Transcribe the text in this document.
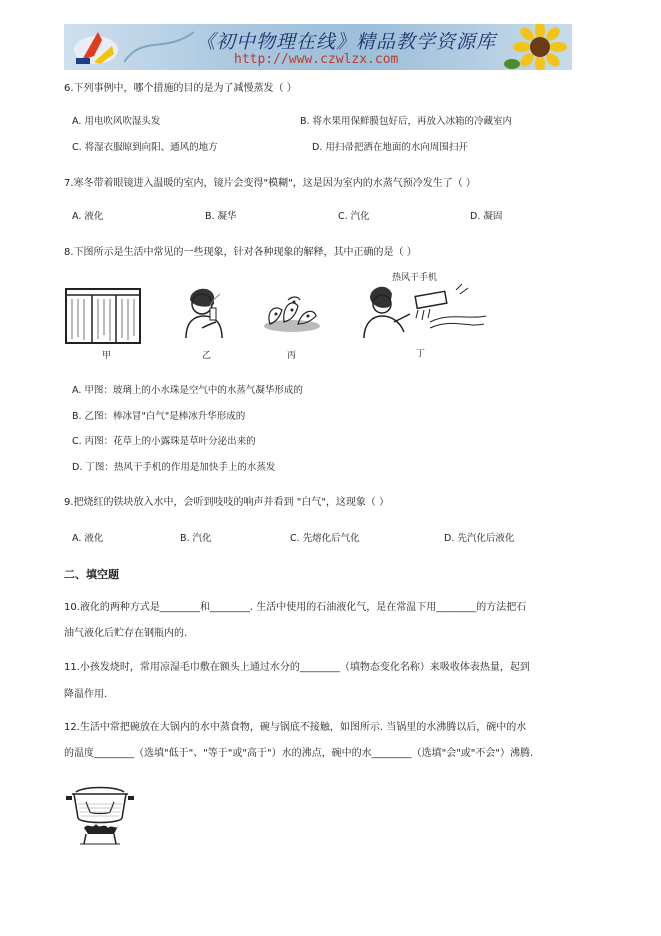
《初中物理在线》精品教学资源库
http://www.czwlzx.com
6.下列事例中，哪个措施的目的是为了减慢蒸发（ ）
A. 用电吹风吹湿头发	B. 将水果用保鲜膜包好后，再放入冰箱的冷藏室内
C. 将湿衣服晾到向阳、通风的地方	D. 用扫帚把洒在地面的水向周围扫开
7.寒冬带着眼镜进入温暖的室内，镜片会变得"模糊"，这是因为室内的水蒸气预冷发生了（ ）
A. 液化	B. 凝华	C. 汽化	D. 凝固
8.下图所示是生活中常见的一些现象，针对各种现象的解释，其中正确的是（ ）
热风干手机
甲	乙	丙	丁
A. 甲图：玻璃上的小水珠是空气中的水蒸气凝华形成的
B. 乙图：棒冰冒"白气"是棒冰升华形成的
C. 丙图：花草上的小露珠是草叶分泌出来的
D. 丁图：热风干手机的作用是加快手上的水蒸发
9.把烧红的铁块放入水中，会听到吱吱的响声并看到 "白气"，这现象（ ）
A. 液化	B. 汽化	C. 先熔化后气化	D. 先汽化后液化
二、填空题
10.液化的两种方式是________和________. 生活中使用的石油液化气，是在常温下用________的方法把石
油气液化后贮存在钢瓶内的.
11.小孩发烧时，常用凉湿毛巾敷在额头上通过水分的________（填物态变化名称）来吸收体表热量，起到
降温作用.
12.生活中常把碗放在大锅内的水中蒸食物，碗与锅底不接触，如图所示. 当锅里的水沸腾以后，碗中的水
的温度________（选填"低于"、"等于"或"高于"）水的沸点，碗中的水________（选填"会"或"不会"）沸腾.
